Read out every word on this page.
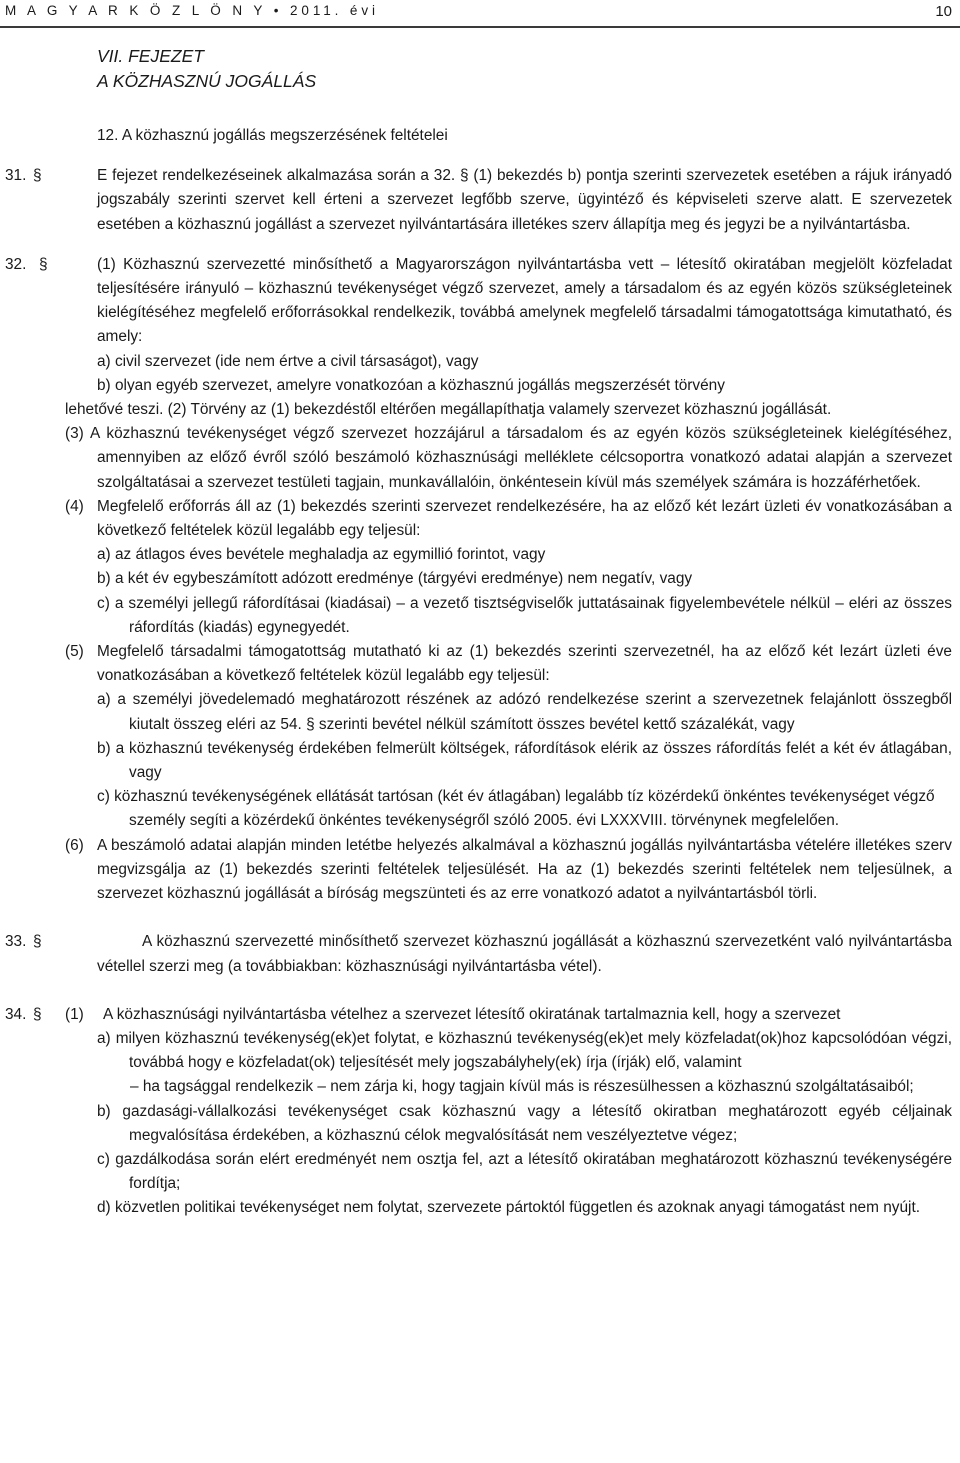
M A G Y A R K Ö Z L Ö N Y • 2011. évi	10
VII. FEJEZET
A KÖZHASZNÚ JOGÁLLÁS
12. A közhasznú jogállás megszerzésének feltételei
31. §	E fejezet rendelkezéseinek alkalmazása során a 32. § (1) bekezdés b) pontja szerinti szervezetek esetében a rájuk irányadó jogszabály szerinti szervet kell érteni a szervezet legfőbb szerve, ügyintéző és képviseleti szerve alatt. E szervezetek esetében a közhasznú jogállást a szervezet nyilvántartására illetékes szerv állapítja meg és jegyzi be a nyilvántartásba.
32. §	(1) Közhasznú szervezetté minősíthető a Magyarországon nyilvántartásba vett – létesítő okiratában megjelölt közfeladat teljesítésére irányuló – közhasznú tevékenységet végző szervezet, amely a társadalom és az egyén közös szükségleteinek kielégítéséhez megfelelő erőforrásokkal rendelkezik, továbbá amelynek megfelelő társadalmi támogatottsága kimutatható, és amely:
a) civil szervezet (ide nem értve a civil társaságot), vagy
b) olyan egyéb szervezet, amelyre vonatkozóan a közhasznú jogállás megszerzését törvény
lehetővé teszi. (2) Törvény az (1) bekezdéstől eltérően megállapíthatja valamely szervezet közhasznú jogállását.
(3) A közhasznú tevékenységet végző szervezet hozzájárul a társadalom és az egyén közös szükségleteinek kielégítéséhez, amennyiben az előző évről szóló beszámoló közhasznúsági melléklete célcsoportra vonatkozó adatai alapján a szervezet szolgáltatásai a szervezet testületi tagjain, munkavállalóin, önkéntesein kívül más személyek számára is hozzáférhetőek.
(4) Megfelelő erőforrás áll az (1) bekezdés szerinti szervezet rendelkezésére, ha az előző két lezárt üzleti év vonatkozásában a következő feltételek közül legalább egy teljesül:
a) az átlagos éves bevétele meghaladja az egymillió forintot, vagy
b) a két év egybeszámított adózott eredménye (tárgyévi eredménye) nem negatív, vagy
c) a személyi jellegű ráfordításai (kiadásai) – a vezető tisztségviselők juttatásainak figyelembevétele nélkül – eléri az összes ráfordítás (kiadás) egynegyedét.
(5) Megfelelő társadalmi támogatottság mutatható ki az (1) bekezdés szerinti szervezetnél, ha az előző két lezárt üzleti éve vonatkozásában a következő feltételek közül legalább egy teljesül:
a) a személyi jövedelemadó meghatározott részének az adózó rendelkezése szerint a szervezetnek felajánlott összegből kiutalt összeg eléri az 54. § szerinti bevétel nélkül számított összes bevétel kettő százalékát, vagy
b) a közhasznú tevékenység érdekében felmerült költségek, ráfordítások elérik az összes ráfordítás felét a két év átlagában, vagy
c) közhasznú tevékenységének ellátását tartósan (két év átlagában) legalább tíz közérdekű önkéntes tevékenységet végző személy segíti a közérdekű önkéntes tevékenységről szóló 2005. évi LXXXVIII. törvénynek megfelelően.
(6) A beszámoló adatai alapján minden letétbe helyezés alkalmával a közhasznú jogállás nyilvántartásba vételére illetékes szerv megvizsgálja az (1) bekezdés szerinti feltételek teljesülését. Ha az (1) bekezdés szerinti feltételek nem teljesülnek, a szervezet közhasznú jogállását a bíróság megszünteti és az erre vonatkozó adatot a nyilvántartásból törli.
33. §	A közhasznú szervezetté minősíthető szervezet közhasznú jogállását a közhasznú szervezetként való nyilvántartásba vétellel szerzi meg (a továbbiakban: közhasznúsági nyilvántartásba vétel).
34. § (1)	A közhasznúsági nyilvántartásba vételhez a szervezet létesítő okiratának tartalmaznia kell, hogy a szervezet
a) milyen közhasznú tevékenység(ek)et folytat, e közhasznú tevékenység(ek)et mely közfeladat(ok)hoz kapcsolódóan végzi, továbbá hogy e közfeladat(ok) teljesítését mely jogszabályhely(ek) írja (írják) elő, valamint
– ha tagsággal rendelkezik – nem zárja ki, hogy tagjain kívül más is részesülhessen a közhasznú szolgáltatásaiból;
b) gazdasági-vállalkozási tevékenységet csak közhasznú vagy a létesítő okiratban meghatározott egyéb céljainak megvalósítása érdekében, a közhasznú célok megvalósítását nem veszélyeztetve végez;
c) gazdálkodása során elért eredményét nem osztja fel, azt a létesítő okiratában meghatározott közhasznú tevékenységére fordítja;
d) közvetlen politikai tevékenységet nem folytat, szervezete pártoktól független és azoknak anyagi támogatást nem nyújt.
